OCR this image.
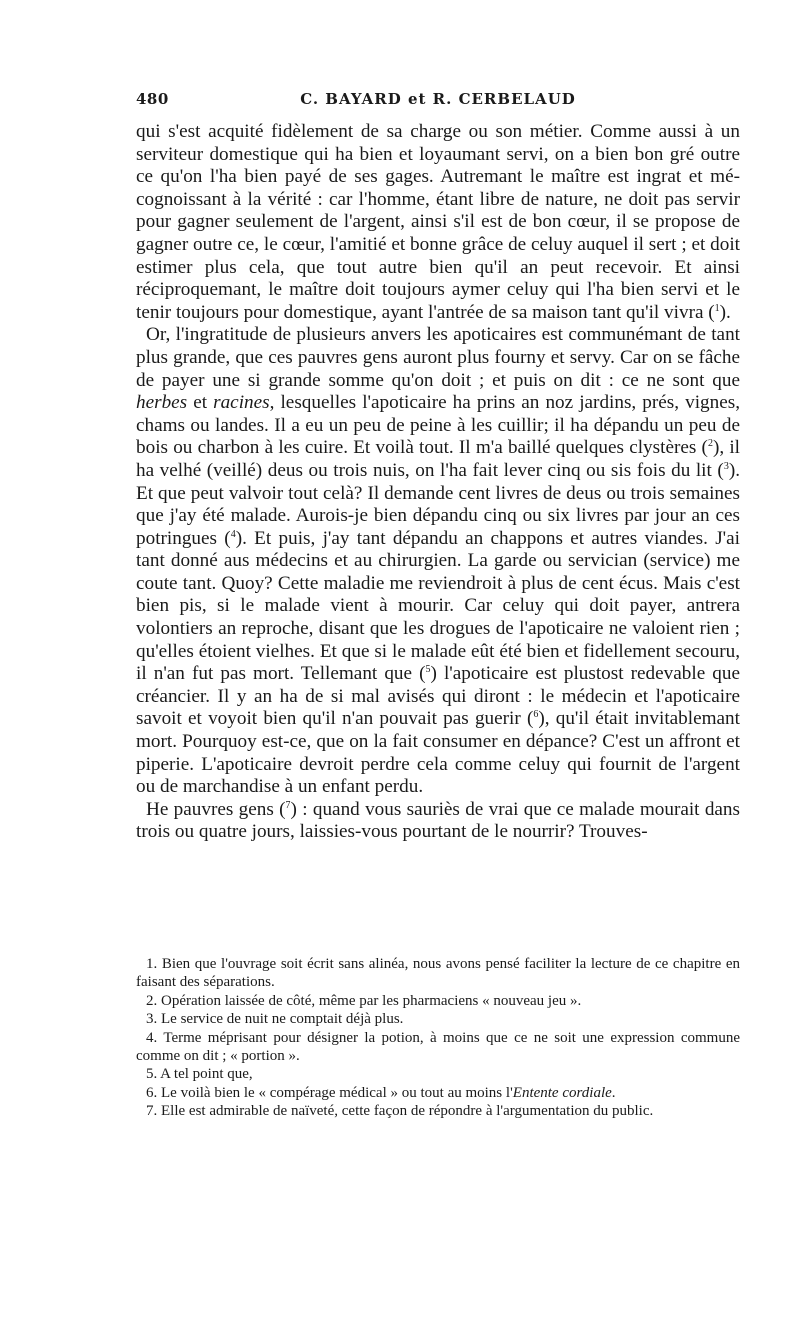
480	C. BAYARD et R. CERBELAUD

qui s'est acquité fidèlement de sa charge ou son métier. Comme aussi à un serviteur domestique qui ha bien et loyaumant servi, on a bien bon gré outre ce qu'on l'ha bien payé de ses gages. Autremant le maître est ingrat et mé-cognoissant à la vérité : car l'homme, étant libre de nature, ne doit pas servir pour gagner seulement de l'argent, ainsi s'il est de bon cœur, il se propose de gagner outre ce, le cœur, l'amitié et bonne grâce de celuy auquel il sert ; et doit estimer plus cela, que tout autre bien qu'il an peut recevoir. Et ainsi réciproquemant, le maître doit toujours aymer celuy qui l'ha bien servi et le tenir toujours pour domestique, ayant l'antrée de sa maison tant qu'il vivra ($^1$).

Or, l'ingratitude de plusieurs anvers les apoticaires est communémant de tant plus grande, que ces pauvres gens auront plus fourny et servy. Car on se fâche de payer une si grande somme qu'on doit ; et puis on dit : ce ne sont que herbes et racines, lesquelles l'apoticaire ha prins an noz jardins, prés, vignes, chams ou landes. Il a eu un peu de peine à les cuillir; il ha dépandu un peu de bois ou charbon à les cuire. Et voilà tout. Il m'a baillé quelques clystères ($^2$), il ha velhé (veillé) deus ou trois nuis, on l'ha fait lever cinq ou sis fois du lit ($^3$). Et que peut valvoir tout celà? Il demande cent livres de deus ou trois semaines que j'ay été malade. Aurois-je bien dépandu cinq ou six livres par jour an ces potringues ($^4$). Et puis, j'ay tant dépandu an chappons et autres viandes. J'ai tant donné aus médecins et au chirurgien. La garde ou servician (service) me coute tant. Quoy? Cette maladie me reviendroit à plus de cent écus. Mais c'est bien pis, si le malade vient à mourir. Car celuy qui doit payer, antrera volontiers an reproche, disant que les drogues de l'apoticaire ne valoient rien ; qu'elles étoient vielhes. Et que si le malade eût été bien et fidellement secouru, il n'an fut pas mort. Tellemant que ($^5$) l'apoticaire est plustost redevable que créancier. Il y an ha de si mal avisés qui diront : le médecin et l'apoticaire savoit et voyoit bien qu'il n'an pouvait pas guerir ($^6$), qu'il était invitablemant mort. Pourquoy est-ce, que on la fait consumer en dépance? C'est un affront et piperie. L'apoticaire devroit perdre cela comme celuy qui fournit de l'argent ou de marchandise à un enfant perdu.

He pauvres gens ($^7$) : quand vous sauriès de vrai que ce malade mourait dans trois ou quatre jours, laissies-vous pourtant de le nourrir? Trouves-

1. Bien que l'ouvrage soit écrit sans alinéa, nous avons pensé faciliter la lecture de ce chapitre en faisant des séparations.

2. Opération laissée de côté, même par les pharmaciens « nouveau jeu ».

3. Le service de nuit ne comptait déjà plus.

4. Terme méprisant pour désigner la potion, à moins que ce ne soit une expression commune comme on dit ; « portion ».

5. A tel point que,

6. Le voilà bien le « compérage médical » ou tout au moins l'Entente cordiale.

7. Elle est admirable de naïveté, cette façon de répondre à l'argumentation du public.
